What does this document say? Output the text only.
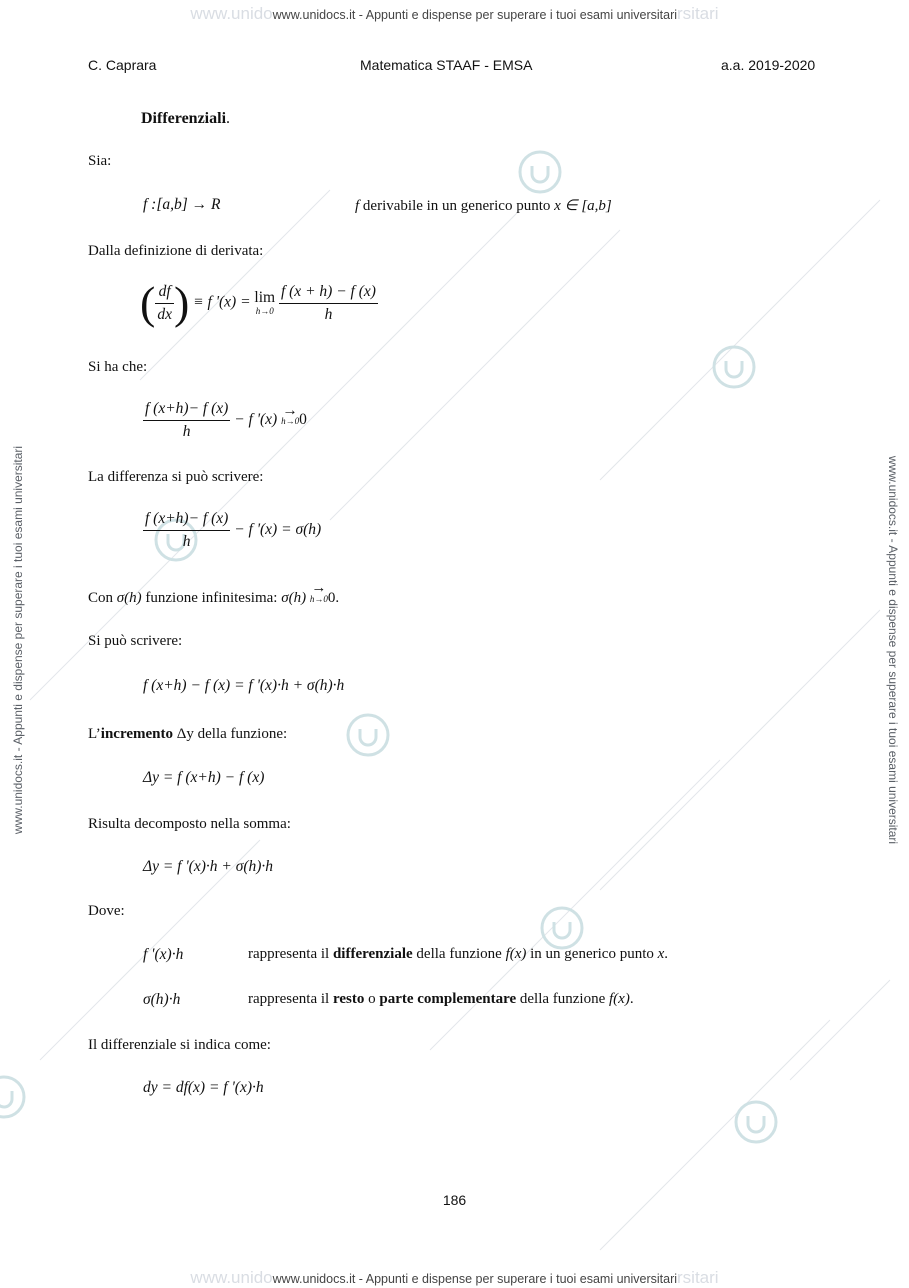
www.unidowww.unidocs.it - Appunti e dispense per superare i tuoi esami universitarirsitari
www.unidowww.unidocs.it - Appunti e dispense per superare i tuoi esami universitarirsitari
www.unidocs.it - Appunti e dispense per superare i tuoi esami universitari	www.unidocs.it - Appunti e dispense per superare i tuoi esami universitari
C. Caprara	Matematica STAAF - EMSA	a.a. 2019-2020
Differenziali.
Sia:
f :[a,b] → R	f derivabile in un generico punto x ∈ [a,b]
Dalla definizione di derivata:
( $\frac{df}{dx}$ ) ≡ f '(x) = lim
h→0
$\frac{f (x + h) - f (x)}{h}$
Si ha che:
$\frac{f (x+h)- f (x)}{h} - f$ '(x) →
h→0 0
La differenza si può scrivere:
$\frac{f (x+h)- f (x)}{h} - f$ '(x) = σ(h)
Con σ(h) funzione infinitesima: σ(h) →
h→0 0.
Si può scrivere:
f (x+h) − f (x) = f '(x)·h + σ(h)·h
L’incremento Δy della funzione:
Δy = f (x+h) − f (x)
Risulta decomposto nella somma:
Δy = f '(x)·h + σ(h)·h
Dove:
f '(x)·h	rappresenta il differenziale della funzione f(x) in un generico punto x.
σ(h)·h	rappresenta il resto o parte complementare della funzione f(x).
Il differenziale si indica come:
dy = df(x) = f '(x)·h
186
